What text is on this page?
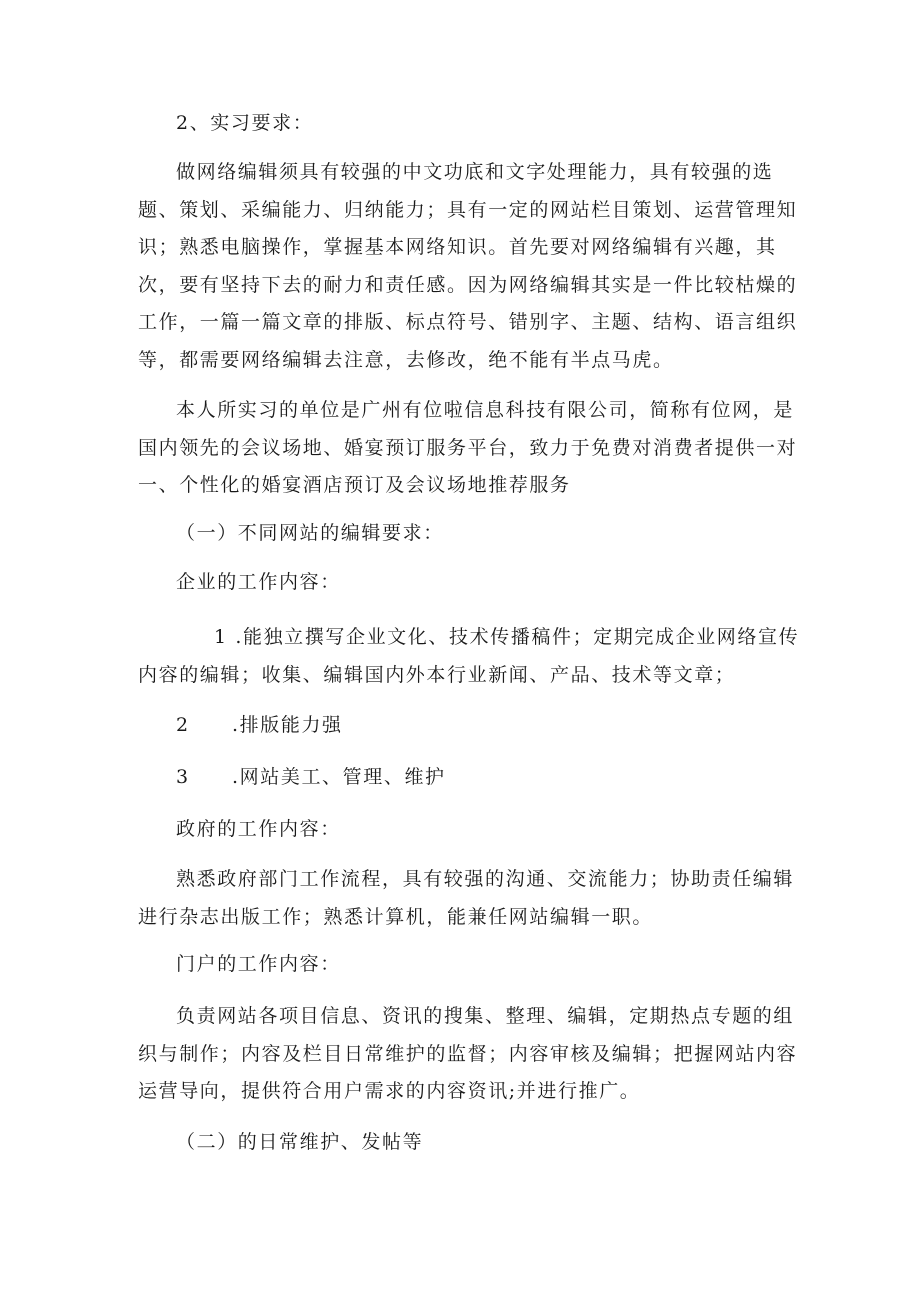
2、实习要求：

做网络编辑须具有较强的中文功底和文字处理能力，具有较强的选题、策划、采编能力、归纳能力；具有一定的网站栏目策划、运营管理知识；熟悉电脑操作，掌握基本网络知识。首先要对网络编辑有兴趣，其次，要有坚持下去的耐力和责任感。因为网络编辑其实是一件比较枯燥的工作，一篇一篇文章的排版、标点符号、错别字、主题、结构、语言组织等，都需要网络编辑去注意，去修改，绝不能有半点马虎。

本人所实习的单位是广州有位啦信息科技有限公司，简称有位网，是国内领先的会议场地、婚宴预订服务平台，致力于免费对消费者提供一对一、个性化的婚宴酒店预订及会议场地推荐服务

（一）不同网站的编辑要求：

企业的工作内容：

1 .能独立撰写企业文化、技术传播稿件；定期完成企业网络宣传内容的编辑；收集、编辑国内外本行业新闻、产品、技术等文章；

2 .排版能力强

3 .网站美工、管理、维护

政府的工作内容：

熟悉政府部门工作流程，具有较强的沟通、交流能力；协助责任编辑进行杂志出版工作；熟悉计算机，能兼任网站编辑一职。

门户的工作内容：

负责网站各项目信息、资讯的搜集、整理、编辑，定期热点专题的组织与制作；内容及栏目日常维护的监督；内容审核及编辑；把握网站内容运营导向，提供符合用户需求的内容资讯;并进行推广。

（二）的日常维护、发帖等
